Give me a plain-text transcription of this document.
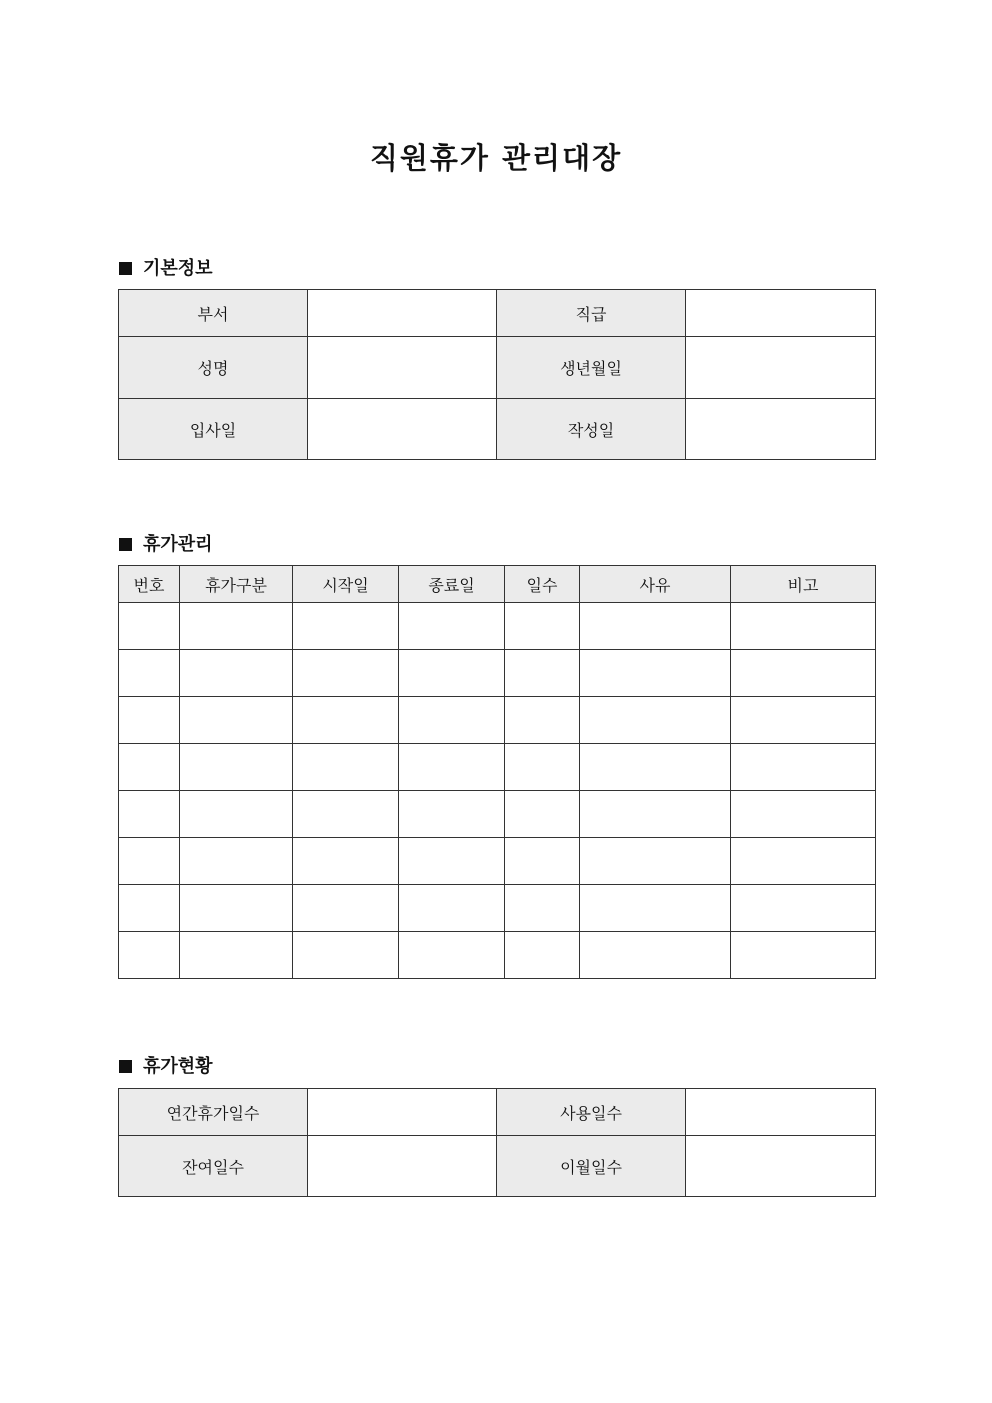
직원휴가 관리대장
기본정보
부서		직급	
성명		생년월일	
입사일		작성일	
휴가관리
번호	휴가구분	시작일	종료일	일수	사유	비고

휴가현황
연간휴가일수		사용일수	
잔여일수		이월일수	
